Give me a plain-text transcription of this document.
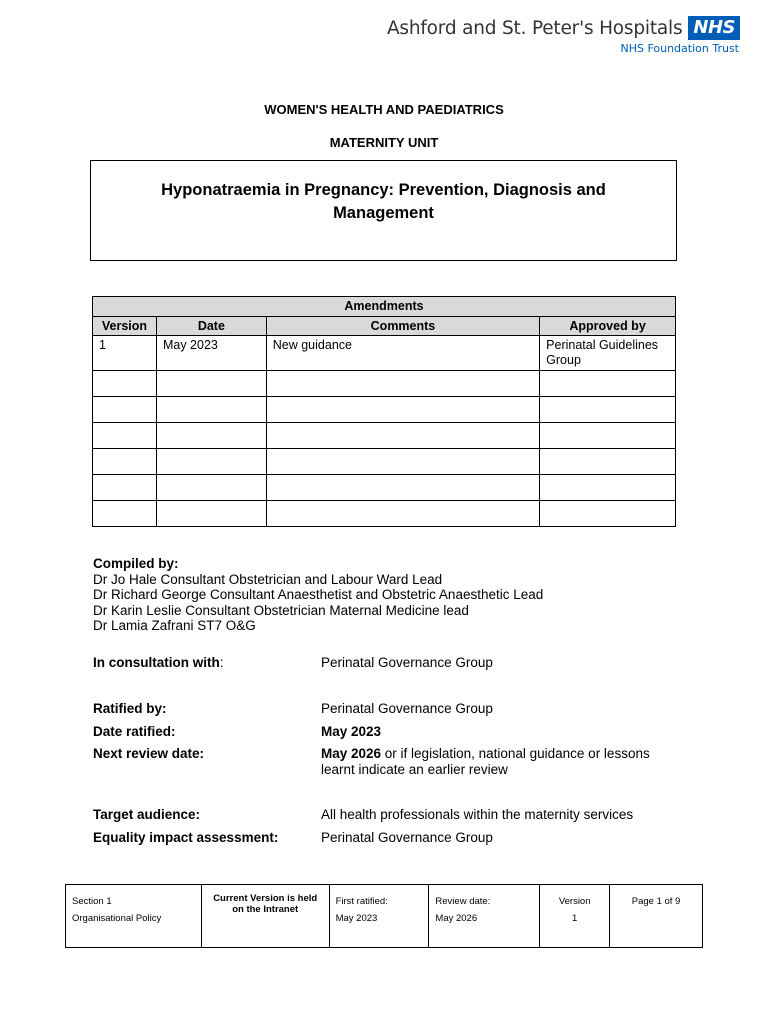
Ashford and St. Peter's Hospitals NHS
NHS Foundation Trust
WOMEN'S HEALTH AND PAEDIATRICS
MATERNITY UNIT
Hyponatraemia in Pregnancy: Prevention, Diagnosis and Management
Amendments			
Version	Date	Comments	Approved by
1	May 2023	New guidance	Perinatal Guidelines Group

Compiled by:
Dr Jo Hale Consultant Obstetrician and Labour Ward Lead
Dr Richard George Consultant Anaesthetist and Obstetric Anaesthetic Lead
Dr Karin Leslie Consultant Obstetrician Maternal Medicine lead
Dr Lamia Zafrani ST7 O&G
In consultation with:	Perinatal Governance Group
Ratified by:	Perinatal Governance Group
Date ratified:	May 2023
Next review date:	May 2026 or if legislation, national guidance or lessons learnt indicate an earlier review
Target audience:	All health professionals within the maternity services
Equality impact assessment:	Perinatal Governance Group
Section 1
Organisational Policy
	Current Version is held on the Intranet	
First ratified:
May 2023

Review date:
May 2026

Version
1
	Page 1 of 9
